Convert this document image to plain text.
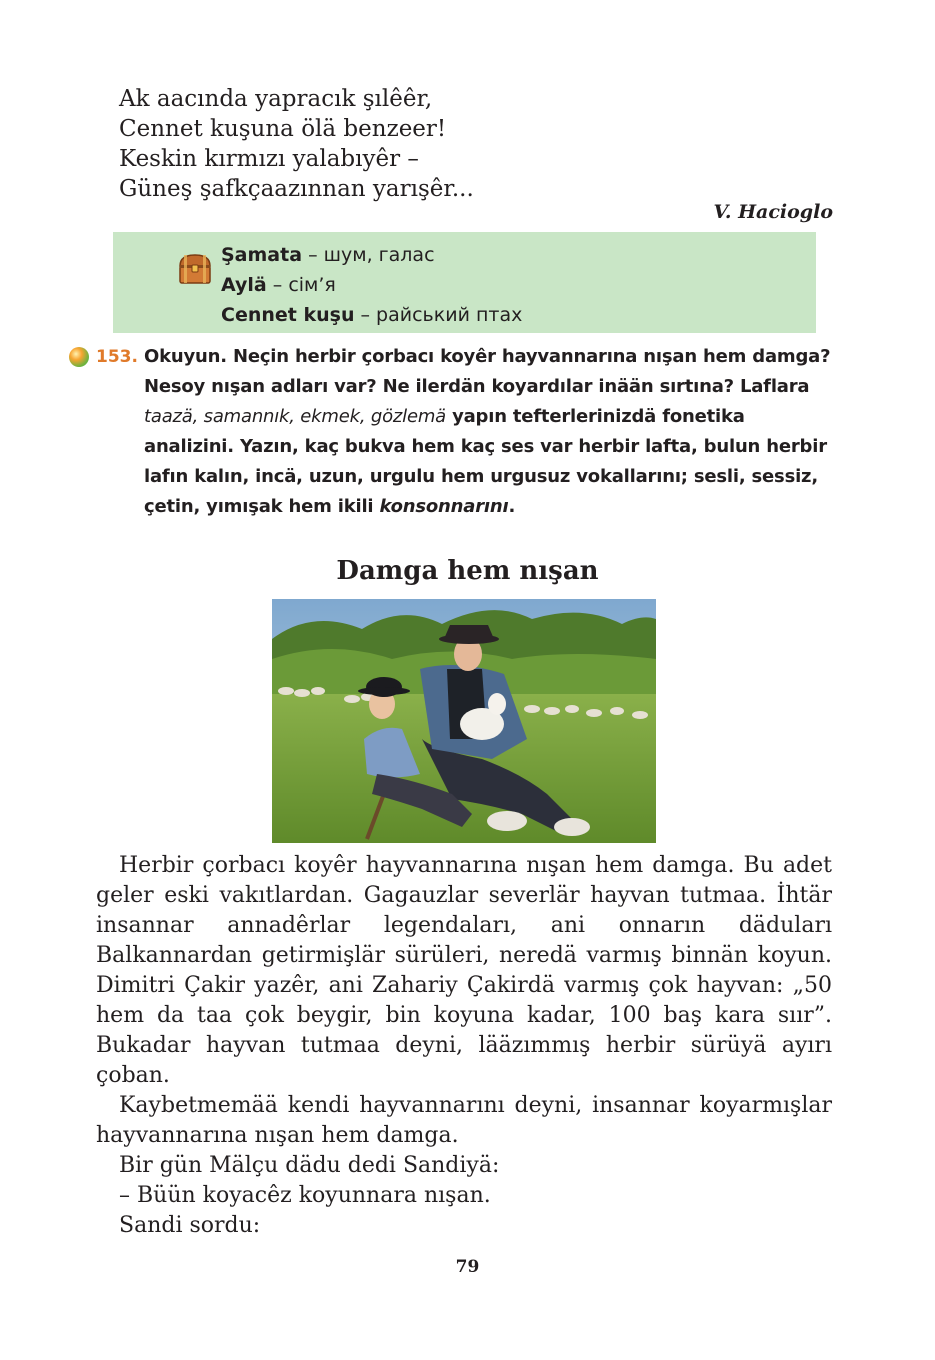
Ak aacında yapracık şılêêr,
Cennet kuşuna ölä benzeer!
Keskin kırmızı yalabıyêr –
Güneş şafkçaazınnan yarışêr...
V. Hacioglo
Şamata – шум, галас
Aylä – сім’я
Cennet kuşu – райський птах
153. Okuyun. Neçin herbir çorbacı koyêr hayvannarına nışan hem damga? Nesoy nışan adları var? Ne ilerdän koyardılar inään sırtına? Laflara taazä, samannık, ekmek, gözlemä yapın tefterlerinizdä fonetika analizini. Yazın, kaç bukva hem kaç ses var herbir lafta, bulun herbir lafın kalın, incä, uzun, urgulu hem urgusuz vokallarını; sesli, sessiz, çetin, yımışak hem ikili konsonnarını.
Damga hem nışan

Herbir çorbacı koyêr hayvannarına nışan hem damga. Bu adet geler eski vakıtlardan. Gagauzlar severlär hayvan tutmaa. İhtär insannar annadêrlar legendaları, ani onnarın däduları Balkannardan getirmişlär sürüleri, neredä varmış binnän koyun. Dimitri Çakir yazêr, ani Zahariy Çakirdä varmış çok hayvan: „50 hem da taa çok beygir, bin koyuna kadar, 100 baş kara sıır”. Bukadar hayvan tutmaa deyni, lääzımmış herbir sürüyä ayırı çoban.

Kaybetmemää kendi hayvannarını deyni, insannar koyarmışlar hayvannarına nışan hem damga.

Bir gün Mälçu dädu dedi Sandiyä:

– Büün koyacêz koyunnara nışan.

Sandi sordu:

79
